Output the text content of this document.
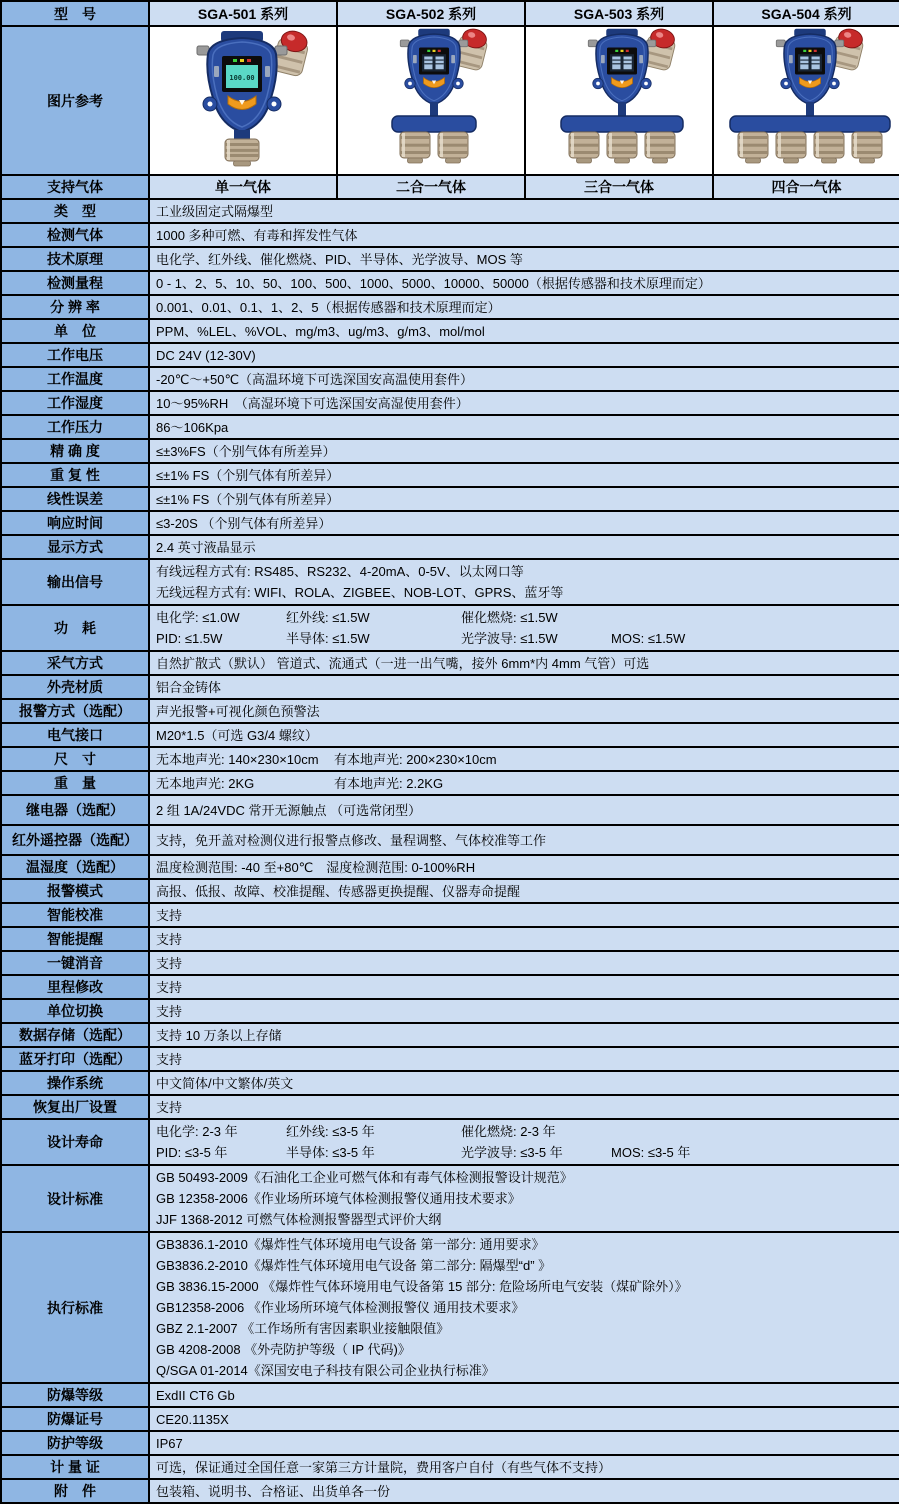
型　号	SGA-501 系列	SGA-502 系列	SGA-503 系列	SGA-504 系列
图片参考	100.00

支持气体	单一气体	二合一气体	三合一气体	四合一气体
类　型	工业级固定式隔爆型			

检测气体	1000 多种可燃、有毒和挥发性气体			

技术原理	电化学、红外线、催化燃烧、PID、半导体、光学波导、MOS 等			

检测量程	0 - 1、2、5、10、50、100、500、1000、5000、10000、50000（根据传感器和技术原理而定）			

分 辨 率	0.001、0.01、0.1、1、2、5（根据传感器和技术原理而定）			

单　位	PPM、%LEL、%VOL、mg/m3、ug/m3、g/m3、mol/mol			

工作电压	DC 24V (12-30V)			

工作温度	-20℃～+50℃（高温环境下可选深国安高温使用套件）			

工作湿度	10～95%RH　（高湿环境下可选深国安高湿使用套件）			

工作压力	86～106Kpa			

精 确 度	≤±3%FS（个别气体有所差异）			

重 复 性	≤±1% FS（个别气体有所差异）			

线性误差	≤±1% FS（个别气体有所差异）			

响应时间	≤3-20S （个别气体有所差异）			

显示方式	2.4 英寸液晶显示			

输出信号	有线远程方式有: RS485、RS232、4-20mA、0-5V、以太网口等
无线远程方式有: WIFI、ROLA、ZIGBEE、NOB-LOT、GPRS、蓝牙等			

功　耗	电化学: ≤1.0W 红外线: ≤1.5W 催化燃烧: ≤1.5W
PID: ≤1.5W 半导体: ≤1.5W 光学波导: ≤1.5W MOS: ≤1.5W			

采气方式	自然扩散式（默认） 管道式、流通式（一进一出气嘴，接外 6mm*内 4mm 气管）可选			

外壳材质	铝合金铸体			

报警方式（选配）	声光报警+可视化颜色预警法			

电气接口	M20*1.5（可选 G3/4 螺纹）			

尺　寸	无本地声光: 140×230×10cm 有本地声光: 200×230×10cm			

重　量	无本地声光: 2KG 有本地声光: 2.2KG			

继电器（选配）	2 组 1A/24VDC 常开无源触点 （可选常闭型）			

红外遥控器（选配）	支持，免开盖对检测仪进行报警点修改、量程调整、气体校准等工作			

温湿度（选配）	温度检测范围: -40 至+80℃　湿度检测范围: 0-100%RH			

报警模式	高报、低报、故障、校准提醒、传感器更换提醒、仪器寿命提醒			

智能校准	支持			

智能提醒	支持			

一键消音	支持			

里程修改	支持			

单位切换	支持			

数据存储（选配）	支持 10 万条以上存储			

蓝牙打印（选配）	支持			

操作系统	中文简体/中文繁体/英文			

恢复出厂设置	支持			

设计寿命	电化学: 2-3 年 红外线: ≤3-5 年 催化燃烧: 2-3 年
PID: ≤3-5 年 半导体: ≤3-5 年 光学波导: ≤3-5 年 MOS: ≤3-5 年			

设计标准	GB 50493-2009《石油化工企业可燃气体和有毒气体检测报警设计规范》
GB 12358-2006《作业场所环境气体检测报警仪通用技术要求》
JJF 1368-2012 可燃气体检测报警器型式评价大纲			

执行标准	
GB3836.1-2010《爆炸性气体环境用电气设备 第一部分: 通用要求》
GB3836.2-2010《爆炸性气体环境用电气设备 第二部分: 隔爆型“d” 》
GB 3836.15-2000 《爆炸性气体环境用电气设备第 15 部分: 危险场所电气安装（煤矿除外）》
GB12358-2006 《作业场所环境气体检测报警仪 通用技术要求》
GBZ 2.1-2007 《工作场所有害因素职业接触限值》
GB 4208-2008 《外壳防护等级（ IP 代码)》
Q/SGA 01-2014《深国安电子科技有限公司企业执行标准》

防爆等级	ExdII CT6 Gb			

防爆证号	CE20.1135X			

防护等级	IP67			

计 量 证	可选，保证通过全国任意一家第三方计量院，费用客户自付（有些气体不支持）			

附　件	包装箱、说明书、合格证、出货单各一份			
